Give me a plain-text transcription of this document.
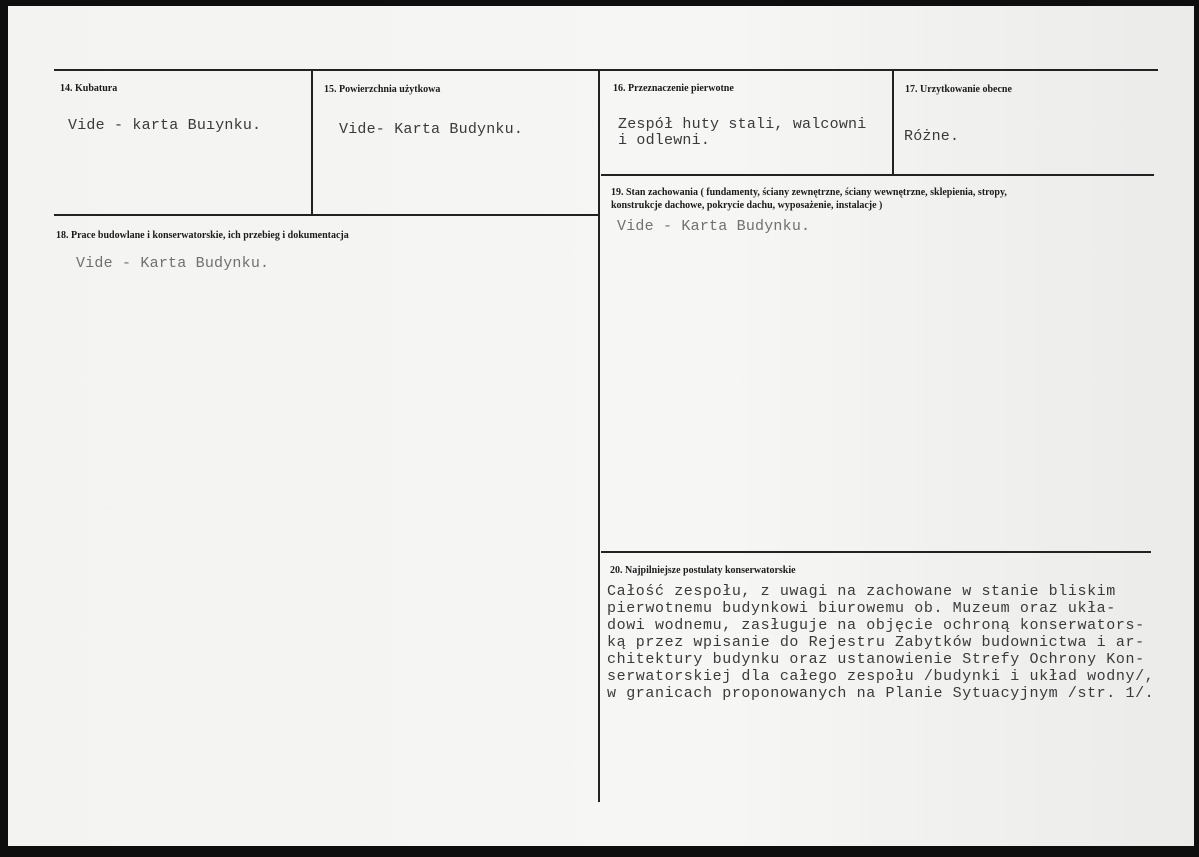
14. Kubatura
Vide - karta Buıynku.
15. Powierzchnia użytkowa
Vide- Karta Budynku.
16. Przeznaczenie pierwotne
Zespół huty stali, walcowni
i odlewni.
17. Urzytkowanie obecne
Różne.
18. Prace budowlane i konserwatorskie, ich przebieg i dokumentacja
Vide - Karta Budynku.
19. Stan zachowania ( fundamenty, ściany zewnętrzne, ściany wewnętrzne, sklepienia, stropy,
konstrukcje dachowe, pokrycie dachu, wyposażenie, instalacje )
Vide - Karta Budynku.
20. Najpilniejsze postulaty konserwatorskie
Całość zespołu, z uwagi na zachowane w stanie bliskim
pierwotnemu budynkowi biurowemu ob. Muzeum oraz ukła-
dowi wodnemu, zasługuje na objęcie ochroną konserwators-
ką przez wpisanie do Rejestru Zabytków budownictwa i ar-
chitektury budynku oraz ustanowienie Strefy Ochrony Kon-
serwatorskiej dla całego zespołu /budynki i układ wodny/,
w granicach proponowanych na Planie Sytuacyjnym /str. 1/.
